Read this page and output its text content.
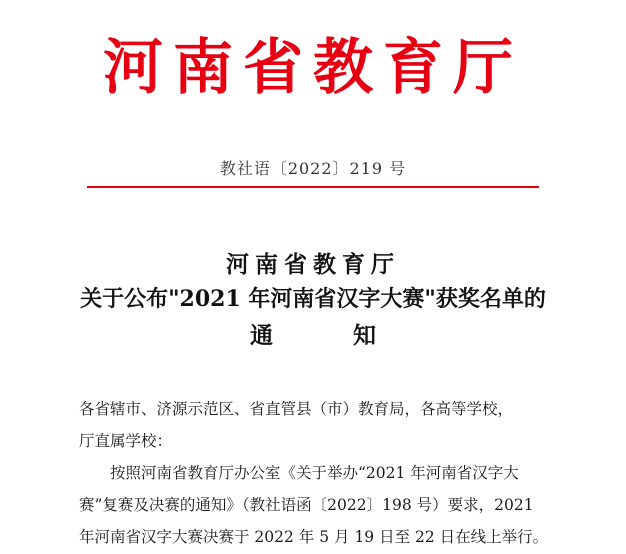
河南省教育厅
教社语〔2022〕219 号
河南省教育厅
关于公布"2021 年河南省汉字大赛"获奖名单的
通	知

各省辖市、济源示范区、省直管县（市）教育局，各高等学校，

厅直属学校：

按照河南省教育厅办公室《关于举办“2021 年河南省汉字大

赛”复赛及决赛的通知》（教社语函〔2022〕198 号）要求，2021

年河南省汉字大赛决赛于 2022 年 5 月 19 日至 22 日在线上举行。
